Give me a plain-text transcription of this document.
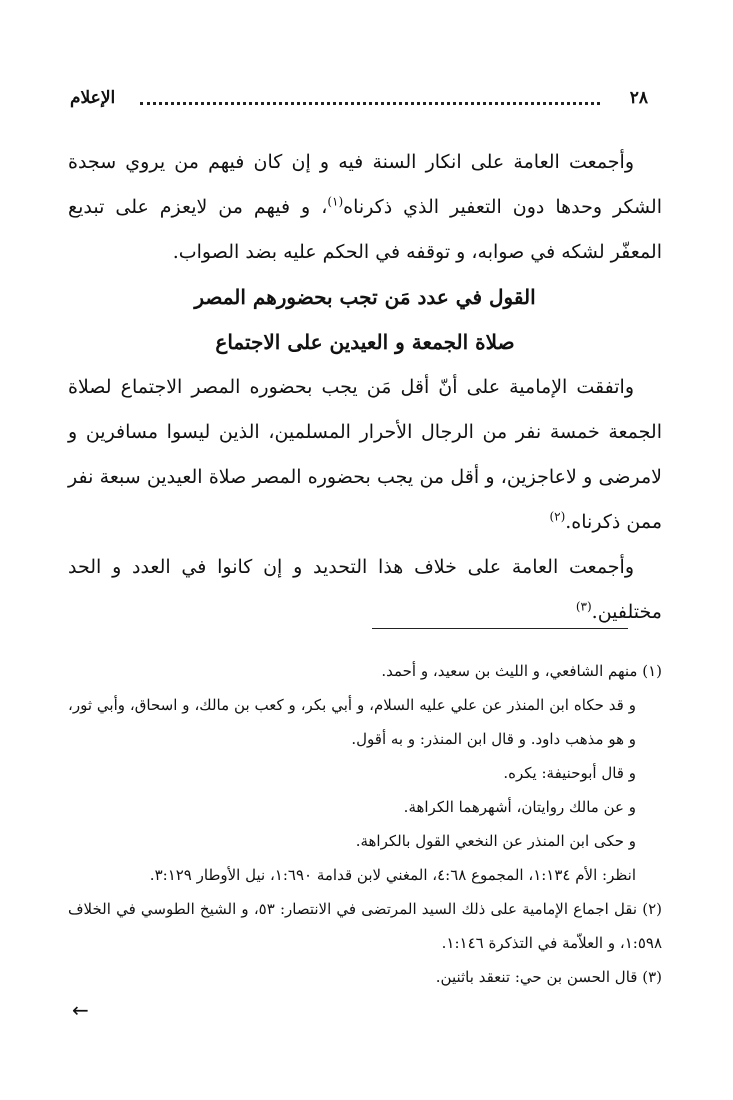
٢٨
الإعلام

وأجمعت العامة على انكار السنة فيه و إن كان فيهم من يروي سجدة الشكر وحدها دون التعفير الذي ذكرناه$^{(١)}$، و فيهم من لايعزم على تبديع المعفّر لشكه في صوابه، و توقفه في الحكم عليه بضد الصواب.

القول في عدد مَن تجب بحضورهم المصر

صلاة الجمعة و العيدين على الاجتماع

واتفقت الإمامية على أنّ أقل مَن يجب بحضوره المصر الاجتماع لصلاة الجمعة خمسة نفر من الرجال الأحرار المسلمين، الذين ليسوا مسافرين و لامرضى و لاعاجزين، و أقل من يجب بحضوره المصر صلاة العيدين سبعة نفر ممن ذكرناه.$^{(٢)}$

وأجمعت العامة على خلاف هذا التحديد و إن كانوا في العدد و الحد مختلفين.$^{(٣)}$

(١) منهم الشافعي، و الليث بن سعيد، و أحمد.

و قد حكاه ابن المنذر عن علي عليه السلام، و أبي بكر، و كعب بن مالك، و اسحاق، وأبي ثور، و هو مذهب داود. و قال ابن المنذر: و به أقول.

و قال أبوحنيفة: يكره.

و عن مالك روايتان، أشهرهما الكراهة.

و حكى ابن المنذر عن النخعي القول بالكراهة.

انظر: الأم ١:١٣٤، المجموع ٤:٦٨، المغني لابن قدامة ١:٦٩٠، نيل الأوطار ٣:١٢٩.

(٢) نقل اجماع الإمامية على ذلك السيد المرتضى في الانتصار: ٥٣، و الشيخ الطوسي في الخلاف ١:٥٩٨، و العلاّمة في التذكرة ١:١٤٦.

(٣) قال الحسن بن حي: تنعقد باثنين.

←
